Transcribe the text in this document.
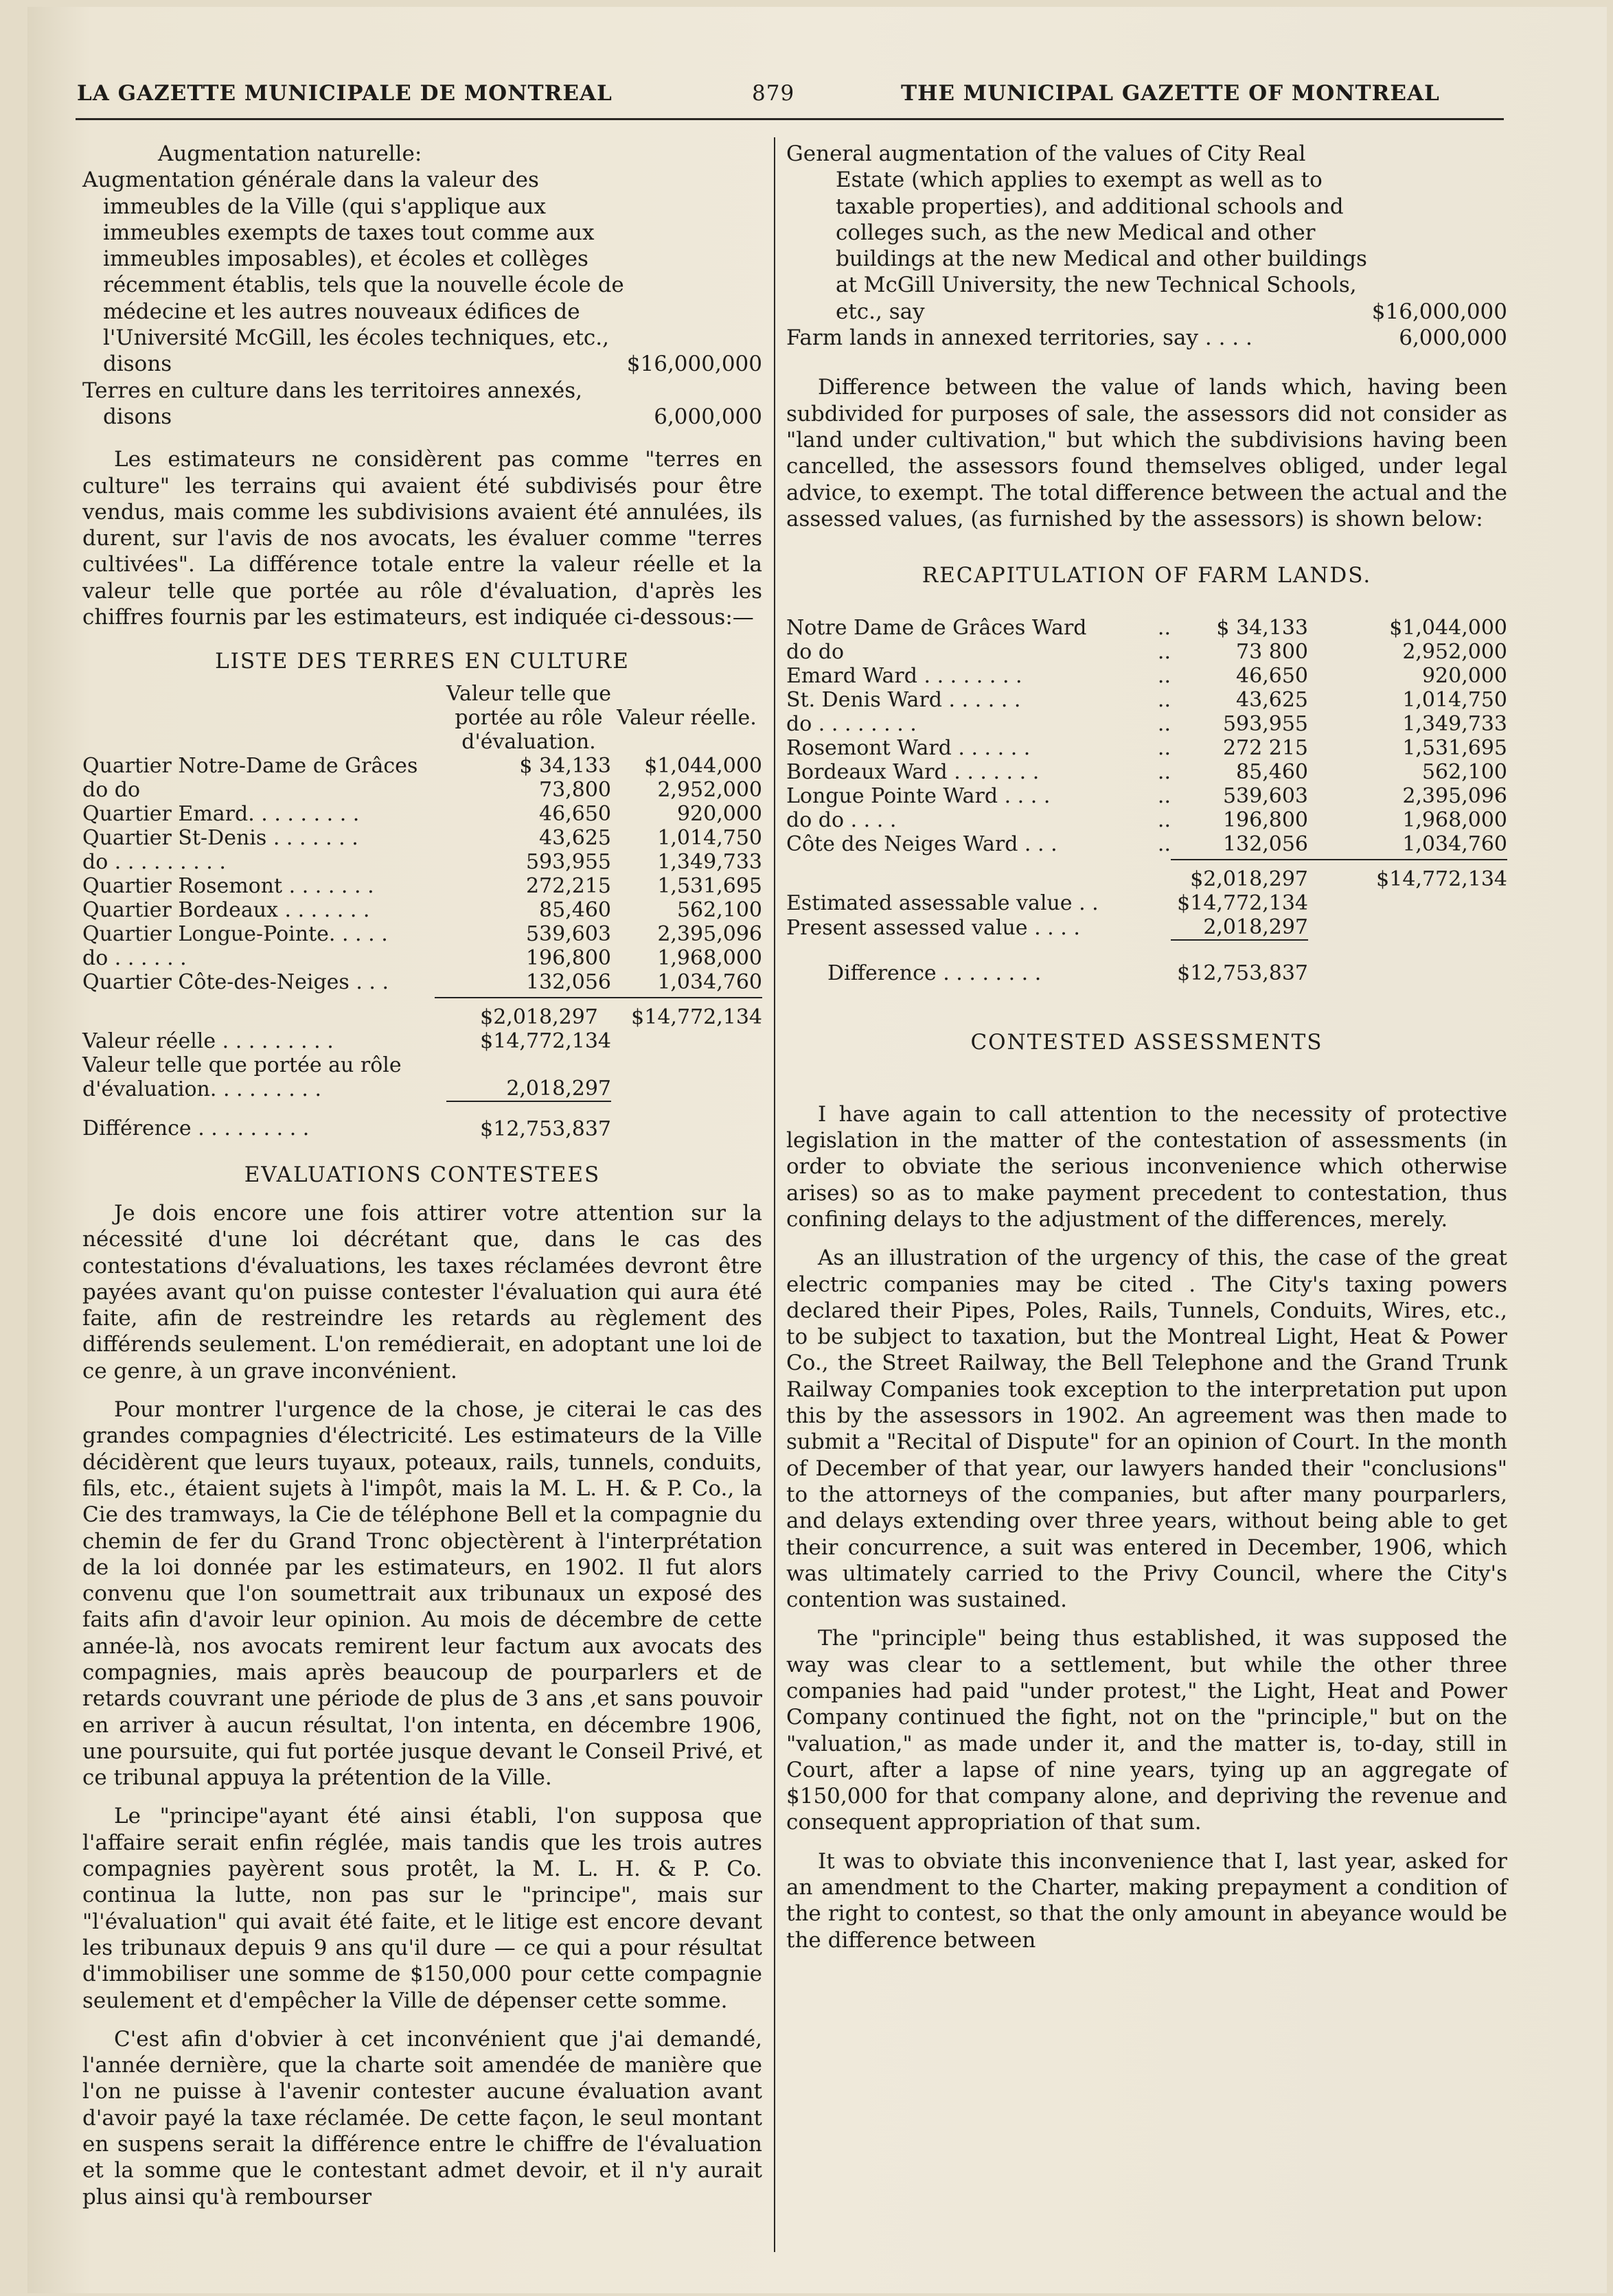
LA GAZETTE MUNICIPALE DE MONTREAL	879	THE MUNICIPAL GAZETTE OF MONTREAL
Augmentation naturelle:
Augmentation générale dans la valeur des immeubles de la Ville (qui s'applique aux immeubles exempts de taxes tout comme aux immeubles imposables), et écoles et collèges récemment établis, tels que la nouvelle école de médecine et les autres nouveaux édifices de l'Université McGill, les écoles techniques, etc., disons	$16,000,000
Terres en culture dans les territoires annexés, disons	6,000,000

Les estimateurs ne considèrent pas comme "terres en culture" les terrains qui avaient été subdivisés pour être vendus, mais comme les subdivisions avaient été annulées, ils durent, sur l'avis de nos avocats, les évaluer comme "terres cultivées". La différence totale entre la valeur réelle et la valeur telle que portée au rôle d'évaluation, d'après les chiffres fournis par les estimateurs, est indiquée ci-dessous:—

LISTE DES TERRES EN CULTURE
	Valeur telle que portée au rôle d'évaluation.	Valeur réelle.
Quartier Notre-Dame de Grâces	$ 34,133	$1,044,000
do do	73,800	2,952,000
Quartier Emard. . . . . . . . .	46,650	920,000
Quartier St-Denis . . . . . . .	43,625	1,014,750
do . . . . . . . . .	593,955	1,349,733
Quartier Rosemont . . . . . . .	272,215	1,531,695
Quartier Bordeaux . . . . . . .	85,460	562,100
Quartier Longue-Pointe. . . . .	539,603	2,395,096
do . . . . . .	196,800	1,968,000
Quartier Côte-des-Neiges . . .	132,056	1,034,760
	$2,018,297	$14,772,134
Valeur réelle . . . . . . . . .	$14,772,134	
Valeur telle que portée au rôle d'évaluation. . . . . . . . .	2,018,297	
Différence . . . . . . . . .	$12,753,837	
EVALUATIONS CONTESTEES

Je dois encore une fois attirer votre attention sur la nécessité d'une loi décrétant que, dans le cas des contestations d'évaluations, les taxes réclamées devront être payées avant qu'on puisse contester l'évaluation qui aura été faite, afin de restreindre les retards au règlement des différends seulement. L'on remédierait, en adoptant une loi de ce genre, à un grave inconvénient.

Pour montrer l'urgence de la chose, je citerai le cas des grandes compagnies d'électricité. Les estimateurs de la Ville décidèrent que leurs tuyaux, poteaux, rails, tunnels, conduits, fils, etc., étaient sujets à l'impôt, mais la M. L. H. & P. Co., la Cie des tramways, la Cie de téléphone Bell et la compagnie du chemin de fer du Grand Tronc objectèrent à l'interprétation de la loi donnée par les estimateurs, en 1902. Il fut alors convenu que l'on soumettrait aux tribunaux un exposé des faits afin d'avoir leur opinion. Au mois de décembre de cette année-là, nos avocats remirent leur factum aux avocats des compagnies, mais après beaucoup de pourparlers et de retards couvrant une période de plus de 3 ans ,et sans pouvoir en arriver à aucun résultat, l'on intenta, en décembre 1906, une poursuite, qui fut portée jusque devant le Conseil Privé, et ce tribunal appuya la prétention de la Ville.

Le "principe"ayant été ainsi établi, l'on supposa que l'affaire serait enfin réglée, mais tandis que les trois autres compagnies payèrent sous protêt, la M. L. H. & P. Co. continua la lutte, non pas sur le "principe", mais sur "l'évaluation" qui avait été faite, et le litige est encore devant les tribunaux depuis 9 ans qu'il dure — ce qui a pour résultat d'immobiliser une somme de $150,000 pour cette compagnie seulement et d'empêcher la Ville de dépenser cette somme.

C'est afin d'obvier à cet inconvénient que j'ai demandé, l'année dernière, que la charte soit amendée de manière que l'on ne puisse à l'avenir contester aucune évaluation avant d'avoir payé la taxe réclamée. De cette façon, le seul montant en suspens serait la différence entre le chiffre de l'évaluation et la somme que le contestant admet devoir, et il n'y aurait plus ainsi qu'à rembourser

General augmentation of the values of City Real Estate (which applies to exempt as well as to taxable properties), and additional schools and colleges such, as the new Medical and other buildings at the new Medical and other buildings at McGill University, the new Technical Schools, etc., say	$16,000,000
Farm lands in annexed territories, say . . . .	6,000,000

Difference between the value of lands which, having been subdivided for purposes of sale, the assessors did not consider as "land under cultivation," but which the subdivisions having been cancelled, the assessors found themselves obliged, under legal advice, to exempt. The total difference between the actual and the assessed values, (as furnished by the assessors) is shown below:

RECAPITULATION OF FARM LANDS.
Notre Dame de Grâces Ward	..	$ 34,133	$1,044,000
do do	..	73 800	2,952,000
Emard Ward . . . . . . . .	..	46,650	920,000
St. Denis Ward . . . . . .	..	43,625	1,014,750
do . . . . . . . .	..	593,955	1,349,733
Rosemont Ward . . . . . .	..	272 215	1,531,695
Bordeaux Ward . . . . . . .	..	85,460	562,100
Longue Pointe Ward . . . .	..	539,603	2,395,096
do do . . . .	..	196,800	1,968,000
Côte des Neiges Ward . . .	..	132,056	1,034,760
	$2,018,297	$14,772,134
Estimated assessable value . .	$14,772,134	
Present assessed value . . . .	2,018,297	
Difference . . . . . . . .	$12,753,837	
CONTESTED ASSESSMENTS

I have again to call attention to the necessity of protective legislation in the matter of the contestation of assessments (in order to obviate the serious inconvenience which otherwise arises) so as to make payment precedent to contestation, thus confining delays to the adjustment of the differences, merely.

As an illustration of the urgency of this, the case of the great electric companies may be cited . The City's taxing powers declared their Pipes, Poles, Rails, Tunnels, Conduits, Wires, etc., to be subject to taxation, but the Montreal Light, Heat & Power Co., the Street Railway, the Bell Telephone and the Grand Trunk Railway Companies took exception to the interpretation put upon this by the assessors in 1902. An agreement was then made to submit a "Recital of Dispute" for an opinion of Court. In the month of December of that year, our lawyers handed their "conclusions" to the attorneys of the companies, but after many pourparlers, and delays extending over three years, without being able to get their concurrence, a suit was entered in December, 1906, which was ultimately carried to the Privy Council, where the City's contention was sustained.

The "principle" being thus established, it was supposed the way was clear to a settlement, but while the other three companies had paid "under protest," the Light, Heat and Power Company continued the fight, not on the "principle," but on the "valuation," as made under it, and the matter is, to-day, still in Court, after a lapse of nine years, tying up an aggregate of $150,000 for that company alone, and depriving the revenue and consequent appropriation of that sum.

It was to obviate this inconvenience that I, last year, asked for an amendment to the Charter, making prepayment a condition of the right to contest, so that the only amount in abeyance would be the difference between
